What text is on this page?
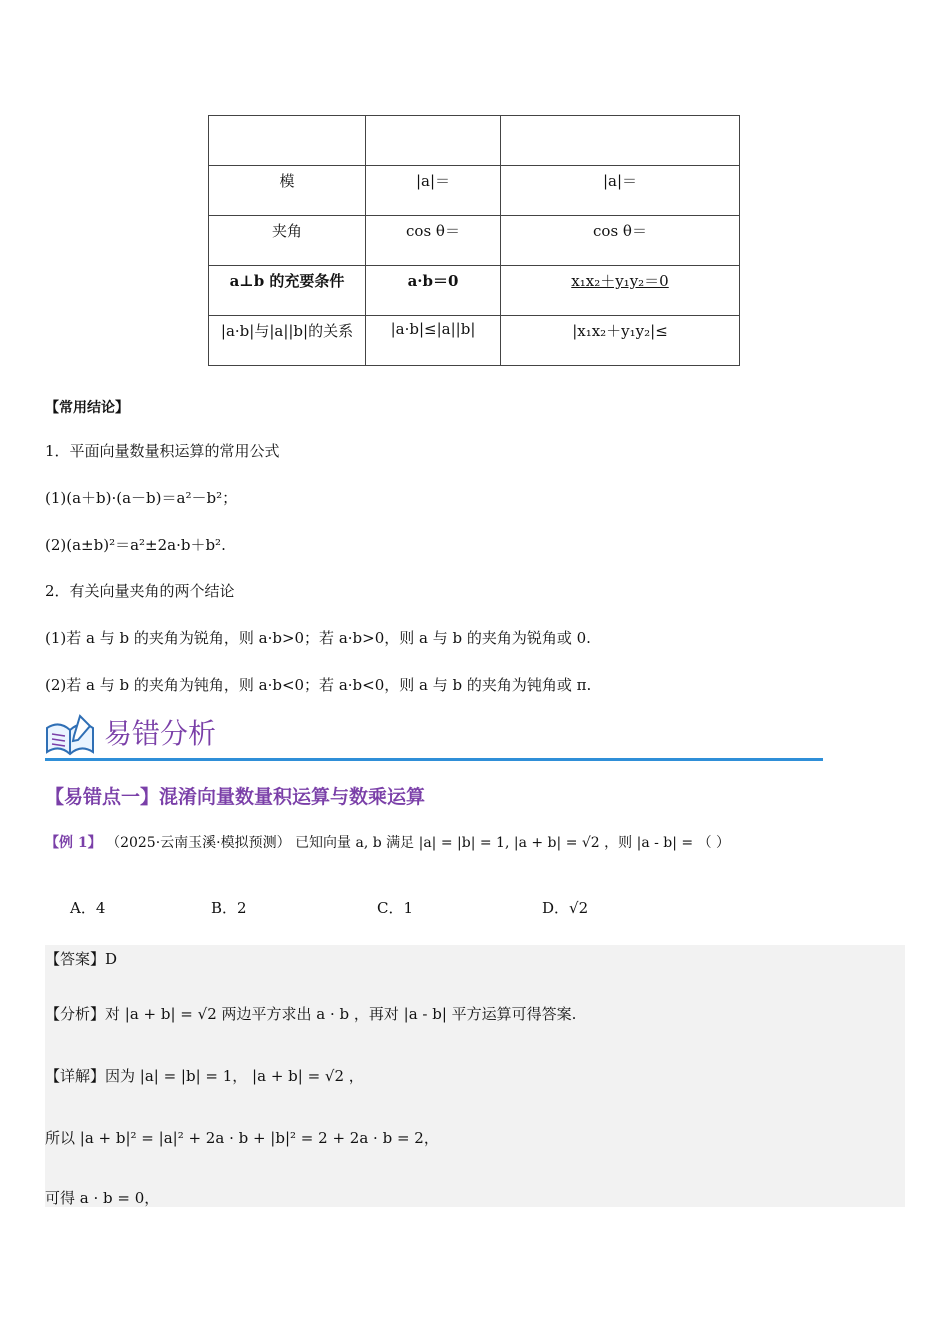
模	|a|＝	|a|＝
夹角	cos θ＝	cos θ＝
a⊥b 的充要条件	a·b＝0	x₁x₂＋y₁y₂＝0
|a·b|与|a||b|的关系	|a·b|≤|a||b|	|x₁x₂＋y₁y₂|≤
【常用结论】
1．平面向量数量积运算的常用公式
(1)(a＋b)·(a－b)＝a²－b²；
(2)(a±b)²＝a²±2a·b＋b².
2．有关向量夹角的两个结论
(1)若 a 与 b 的夹角为锐角，则 a·b>0；若 a·b>0，则 a 与 b 的夹角为锐角或 0.
(2)若 a 与 b 的夹角为钝角，则 a·b<0；若 a·b<0，则 a 与 b 的夹角为钝角或 π.
易错分析
【易错点一】混淆向量数量积运算与数乘运算
【例 1】 （2025·云南玉溪·模拟预测） 已知向量 a, b 满足 |a| = |b| = 1, |a + b| = √2 ，则 |a - b| = （ ）
A．4	B．2	C．1	D．√2
【答案】D
【分析】对 |a + b| = √2 两边平方求出 a · b ，再对 |a - b| 平方运算可得答案.
【详解】因为 |a| = |b| = 1， |a + b| = √2 ，
所以 |a + b|² = |a|² + 2a · b + |b|² = 2 + 2a · b = 2，
可得 a · b = 0，
